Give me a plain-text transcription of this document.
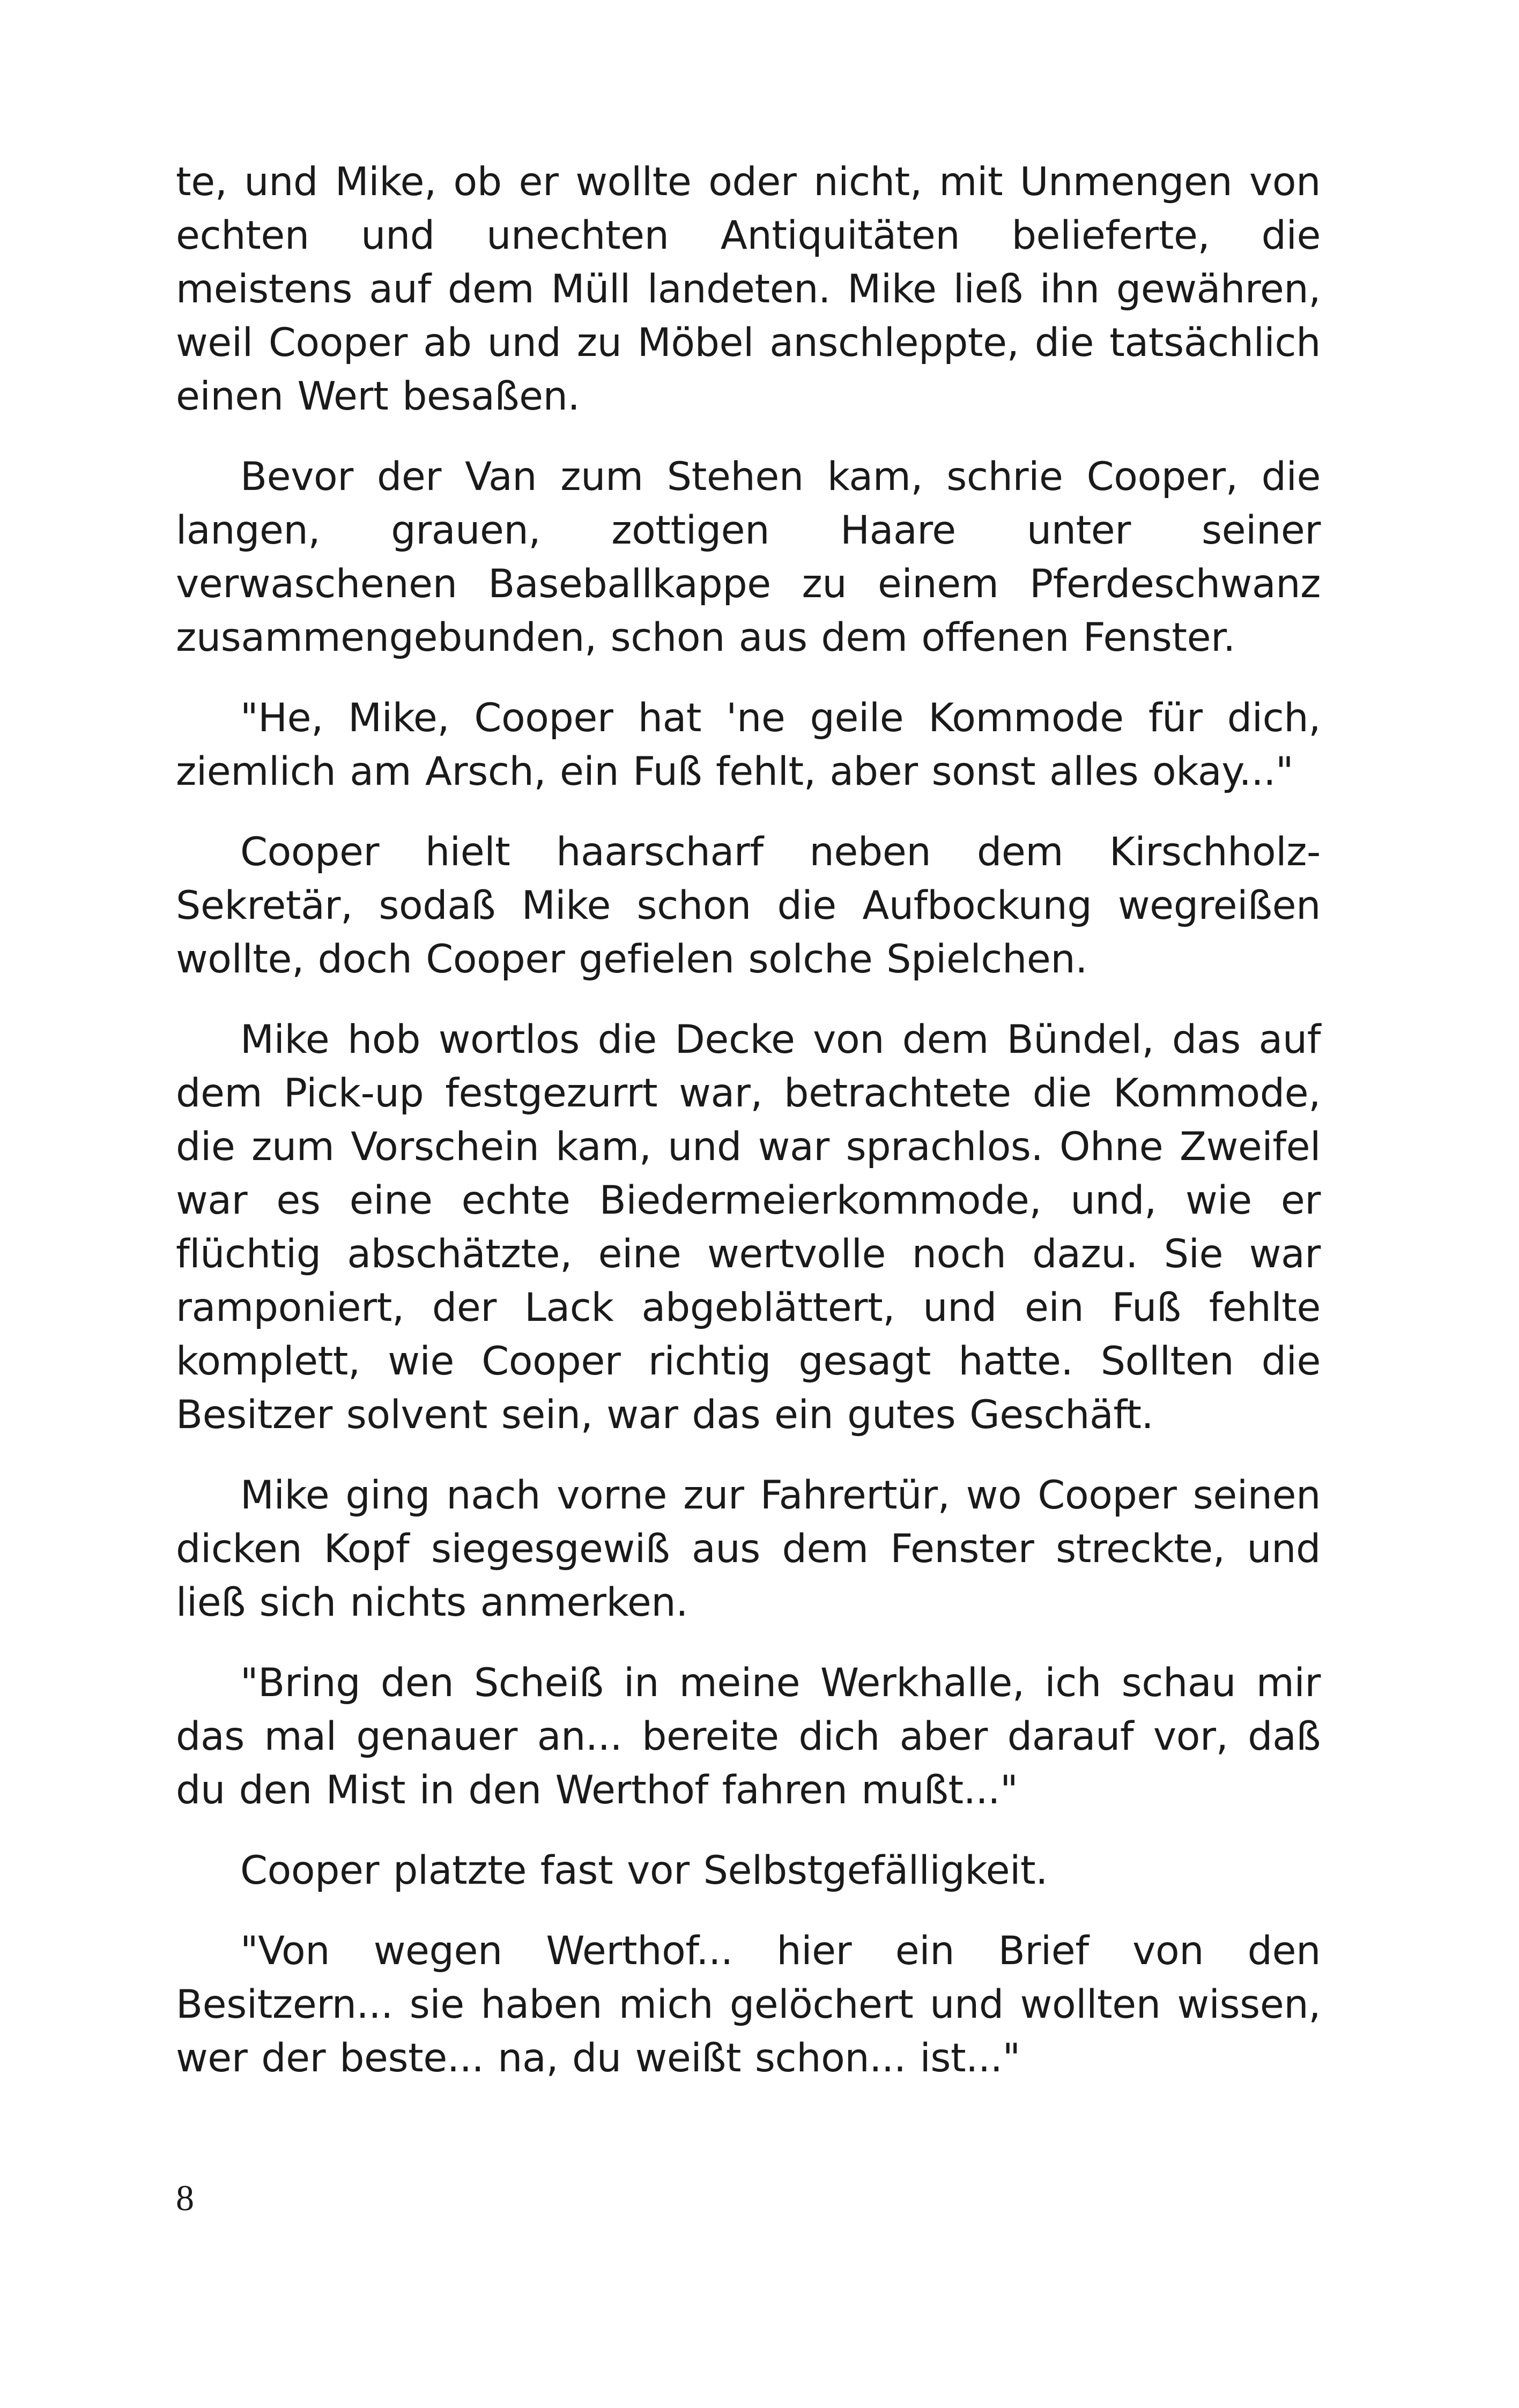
te, und Mike, ob er wollte oder nicht, mit Unmengen von echten und unechten Antiquitäten belieferte, die meistens auf dem Müll landeten. Mike ließ ihn gewähren, weil Cooper ab und zu Möbel anschleppte, die tatsächlich einen Wert besaßen.

Bevor der Van zum Stehen kam, schrie Cooper, die langen, grauen, zottigen Haare unter seiner verwaschenen Baseballkappe zu einem Pferdeschwanz zusammengebunden, schon aus dem offenen Fenster.

"He, Mike, Cooper hat 'ne geile Kommode für dich, ziemlich am Arsch, ein Fuß fehlt, aber sonst alles okay..."

Cooper hielt haarscharf neben dem Kirschholz-Sekretär, sodaß Mike schon die Aufbockung wegreißen wollte, doch Cooper gefielen solche Spielchen.

Mike hob wortlos die Decke von dem Bündel, das auf dem Pick-up festgezurrt war, betrachtete die Kommode, die zum Vorschein kam, und war sprachlos. Ohne Zweifel war es eine echte Biedermeierkommode, und, wie er flüchtig abschätzte, eine wertvolle noch dazu. Sie war ramponiert, der Lack abgeblättert, und ein Fuß fehlte komplett, wie Cooper richtig gesagt hatte. Sollten die Besitzer solvent sein, war das ein gutes Geschäft.

Mike ging nach vorne zur Fahrertür, wo Cooper seinen dicken Kopf siegesgewiß aus dem Fenster streckte, und ließ sich nichts anmerken.

"Bring den Scheiß in meine Werkhalle, ich schau mir das mal genauer an... bereite dich aber darauf vor, daß du den Mist in den Werthof fahren mußt..."

Cooper platzte fast vor Selbstgefälligkeit.

"Von wegen Werthof... hier ein Brief von den Besitzern... sie haben mich gelöchert und wollten wissen, wer der beste... na, du weißt schon... ist..."

8
